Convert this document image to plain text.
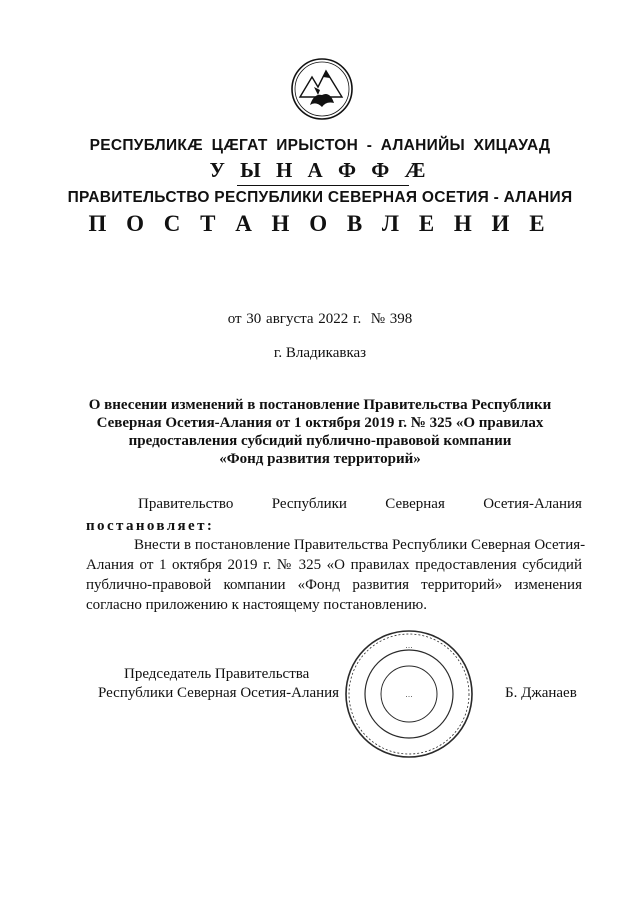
РЕСПУБЛИКӔ ЦӔГАТ ИРЫСТОН - АЛАНИЙЫ ХИЦАУАД
У Ы Н А Ф Ф Ӕ
ПРАВИТЕЛЬСТВО РЕСПУБЛИКИ СЕВЕРНАЯ ОСЕТИЯ - АЛАНИЯ
П О С Т А Н О В Л Е Н И Е
от 30 августа 2022 г.  № 398
г. Владикавказ
О внесении изменений в постановление Правительства Республики
Северная Осетия-Алания от 1 октября 2019 г. № 325 «О правилах
предоставления субсидий публично-правовой компании
«Фонд развития территорий»
Правительство	Республики	Северная	Осетия-Алания
постановляет:
Внести в постановление Правительства Республики Северная Осетия-
Алания от 1 октября 2019 г. № 325 «О правилах предоставления субсидий
публично-правовой компании «Фонд развития территорий» изменения
согласно приложению к настоящему постановлению.
Председатель Правительства
Республики Северная Осетия-Алания
…
…	Б. Джанаев
